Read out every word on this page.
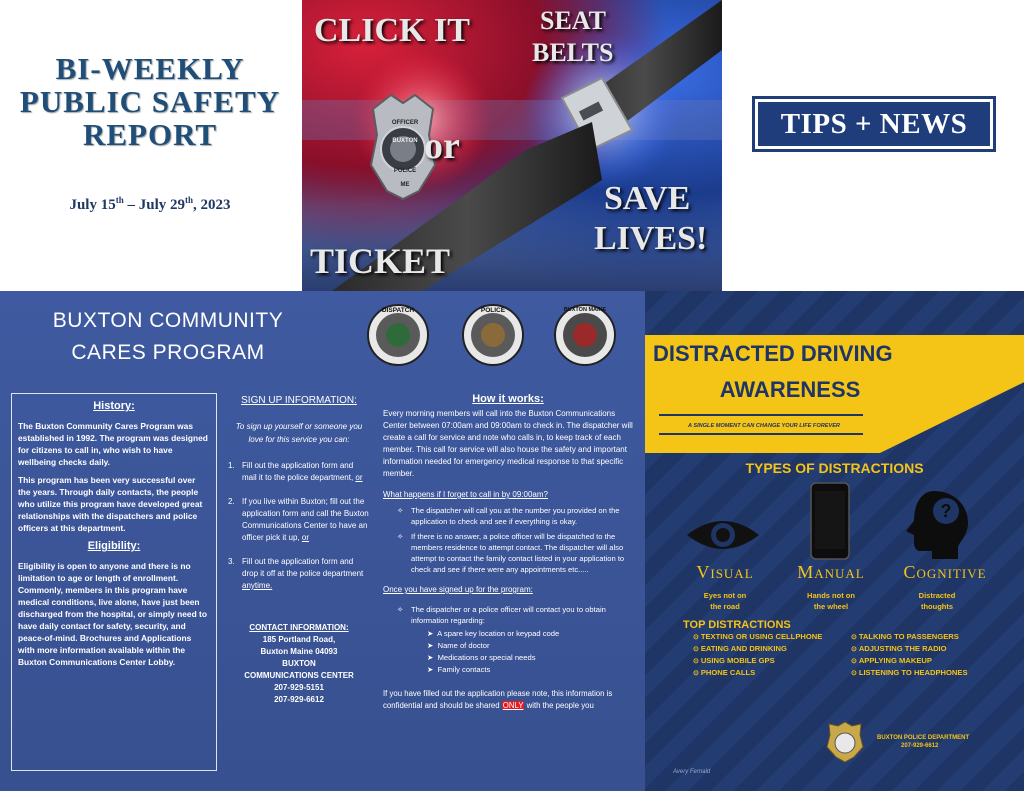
BI-WEEKLY
PUBLIC SAFETY
REPORT
July 15th – July 29th, 2023
CLICK IT	SEAT
BELTS
or
SAVE
LIVES!
TICKET
OFFICER
BUXTON
POLICE
ME
TIPS + NEWS
BUXTON COMMUNITY
CARES PROGRAM
DISPATCH	POLICE	BUXTON MAINE
History:
The Buxton Community Cares Program was established in 1992. The program was designed for citizens to call in, who wish to have wellbeing checks daily.
This program has been very successful over the years. Through daily contacts, the people who utilize this program have developed great relationships with the dispatchers and police officers at this department.
Eligibility:
Eligibility is open to anyone and there is no limitation to age or length of enrollment. Commonly, members in this program have medical conditions, live alone, have just been discharged from the hospital, or simply need to have daily contact for safety, security, and peace-of-mind. Brochures and Applications with more information available within the Buxton Communications Center Lobby.
SIGN UP INFORMATION:
To sign up yourself or someone you love for this service you can:
1. Fill out the application form and mail it to the police department, or
2. If you live within Buxton; fill out the application form and call the Buxton Communications Center to have an officer pick it up, or
3. Fill out the application form and drop it off at the police department anytime.
CONTACT INFORMATION:
185 Portland Road,
Buxton Maine 04093
BUXTON
COMMUNICATIONS CENTER
207-929-5151
207-929-6612
How it works:
Every morning members will call into the Buxton Communications Center between 07:00am and 09:00am to check in. The dispatcher will create a call for service and note who calls in, to keep track of each member. This call for service will also house the safety and important information needed for emergency medical response to that specific member.
What happens if I forget to call in by 09:00am?
✧	The dispatcher will call you at the number you provided on the application to check and see if everything is okay.
✧	If there is no answer, a police officer will be dispatched to the members residence to attempt contact. The dispatcher will also attempt to contact the family contact listed in your application to check and see if there were any appointments etc.....
Once you have signed up for the program:
✧	The dispatcher or a police officer will contact you to obtain information regarding:
➤  A spare key location or keypad code
➤  Name of doctor
➤  Medications or special needs
➤  Family contacts
If you have filled out the application please note, this information is confidential and should be shared ONLY with the people you
DISTRACTED DRIVING
AWARENESS
A SINGLE MOMENT CAN CHANGE YOUR LIFE FOREVER
TYPES OF DISTRACTIONS
?
Visual	Manual	Cognitive
Eyes not on
the road
Hands not on
the wheel
Distracted
thoughts
TOP DISTRACTIONS
⊙ TEXTING OR USING CELLPHONE
⊙ EATING AND DRINKING
⊙ USING MOBILE GPS
⊙ PHONE CALLS
⊙ TALKING TO PASSENGERS
⊙ ADJUSTING THE RADIO
⊙ APPLYING MAKEUP
⊙ LISTENING TO HEADPHONES
BUXTON POLICE DEPARTMENT
207-929-6612
Avery Fernald
